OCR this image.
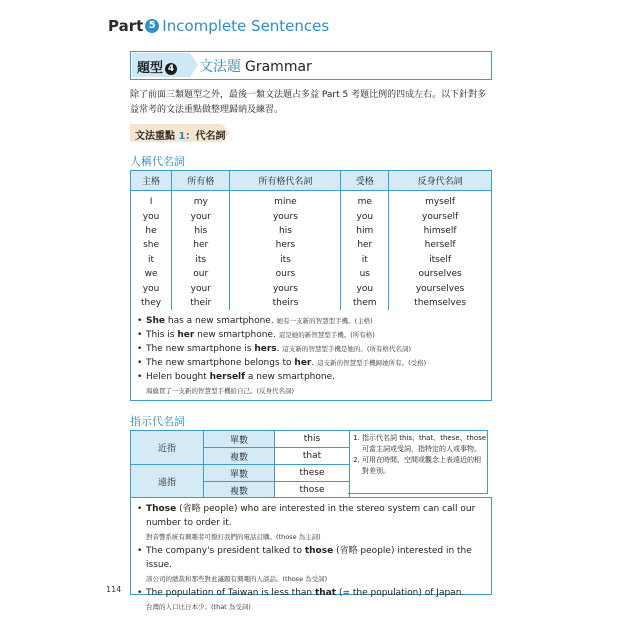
Part 5 Incomplete Sentences
題型 4 文法題 Grammar
除了前面三類題型之外，最後一類文法題占多益 Part 5 考題比例的四成左右。以下針對多益常考的文法重點做整理歸納及練習。
文法重點 1：代名詞
人稱代名詞
主格	所有格	所有格代名詞	受格	反身代名詞
I	my	mine	me	myself
you	your	yours	you	yourself
he	his	his	him	himself
she	her	hers	her	herself
it	its	its	it	itself
we	our	ours	us	ourselves
you	your	yours	you	yourselves
they	their	theirs	them	themselves
• She has a new smartphone. 她有一支新的智慧型手機。(主格)
• This is her new smartphone. 這是她的新智慧型手機。(所有格)
• The new smartphone is hers. 這支新的智慧型手機是她的。(所有格代名詞)
• The new smartphone belongs to her. 這支新的智慧型手機歸她所有。(受格)
• Helen bought herself a new smartphone.
海倫買了一支新的智慧型手機給自己。(反身代名詞)
指示代名詞
近指	單數	this
	複數	that
遠指	單數	these
	複數	those
1. 指示代名詞 this、that、these、those 可當主詞或受詞，指特定的人或事物。
2. 可用在時間、空間或觀念上表遠近的相對差別。
• Those (省略 people) who are interested in the stereo system can call our number to order it.
對音響系統有興趣者可撥打我們的電話訂購。(those 為主詞)
• The company's president talked to those (省略 people) interested in the issue.
該公司的總裁和那些對此議題有興趣的人談話。(those 為受詞)
• The population of Taiwan is less than that (= the population) of Japan.
台灣的人口比日本少。(that 為受詞)
114
